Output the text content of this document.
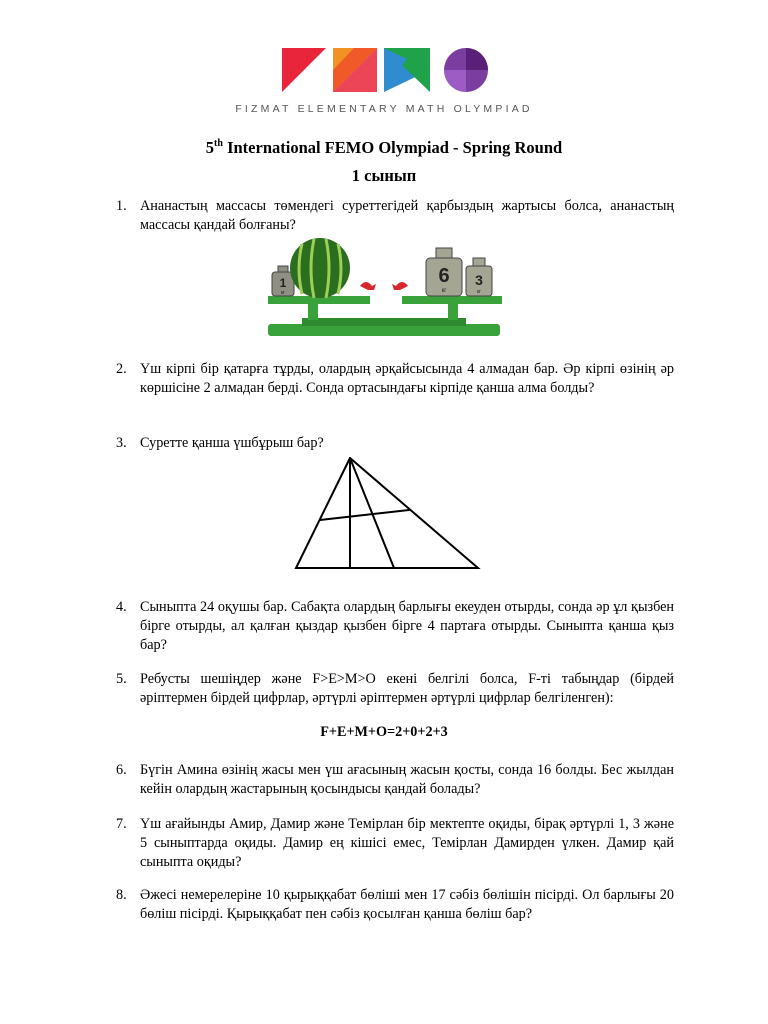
FIZMAT ELEMENTARY MATH OLYMPIAD
5th International FEMO Olympiad - Spring Round
1 сынып
1. Ананастың массасы төмендегі суреттегідей қарбыздың жартысы болса, ананастың массасы қандай болғаны?
1
кг
6
кг
3
кг
2. Үш кірпі бір қатарға тұрды, олардың әрқайсысында 4 алмадан бар. Әр кірпі өзінің әр көршісіне 2 алмадан берді. Сонда ортасындағы кірпіде қанша алма болды?
3. Суретте қанша үшбұрыш бар?
4. Сыныпта 24 оқушы бар. Сабақта олардың барлығы екеуден отырды, сонда әр ұл қызбен бірге отырды, ал қалған қыздар қызбен бірге 4 партаға отырды. Сыныпта қанша қыз бар?
5. Ребусты шешіңдер және F>E>M>O екені белгілі болса, F-ті табыңдар (бірдей әріптермен бірдей цифрлар, әртүрлі әріптермен әртүрлі цифрлар белгіленген):
F+E+M+O=2+0+2+3
6. Бүгін Амина өзінің жасы мен үш ағасының жасын қосты, сонда 16 болды. Бес жылдан кейін олардың жастарының қосындысы қандай болады?
7. Үш ағайынды Амир, Дамир және Темірлан бір мектепте оқиды, бірақ әртүрлі 1, 3 және 5 сыныптарда оқиды. Дамир ең кішісі емес, Темірлан Дамирден үлкен. Дамир қай сыныпта оқиды?
8. Әжесі немерелеріне 10 қырыққабат бөліші мен 17 сәбіз бөлішін пісірді. Ол барлығы 20 бөліш пісірді. Қырыққабат пен сәбіз қосылған қанша бөліш бар?
